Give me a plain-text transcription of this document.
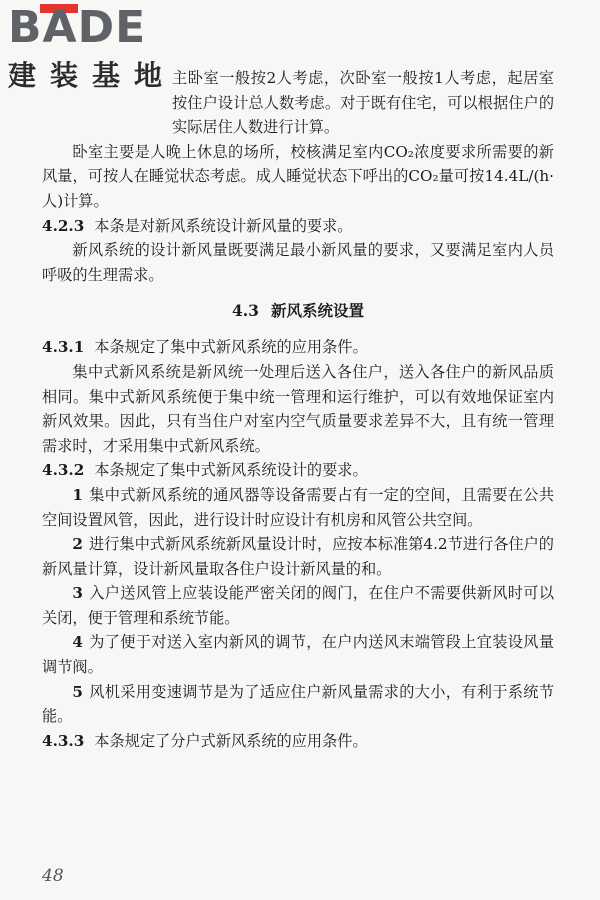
BADE
建装基地

主卧室一般按2人考虑，次卧室一般按1人考虑，起居室按住户设计总人数考虑。对于既有住宅，可以根据住户的实际居住人数进行计算。

卧室主要是人晚上休息的场所，校核满足室内CO₂浓度要求所需要的新风量，可按人在睡觉状态考虑。成人睡觉状态下呼出的CO₂量可按14.4L/(h·人)计算。

4.2.3 本条是对新风系统设计新风量的要求。

新风系统的设计新风量既要满足最小新风量的要求，又要满足室内人员呼吸的生理需求。

4.3 新风系统设置

4.3.1 本条规定了集中式新风系统的应用条件。

集中式新风系统是新风统一处理后送入各住户，送入各住户的新风品质相同。集中式新风系统便于集中统一管理和运行维护，可以有效地保证室内新风效果。因此，只有当住户对室内空气质量要求差异不大，且有统一管理需求时，才采用集中式新风系统。

4.3.2 本条规定了集中式新风系统设计的要求。

1 集中式新风系统的通风器等设备需要占有一定的空间，且需要在公共空间设置风管，因此，进行设计时应设计有机房和风管公共空间。

2 进行集中式新风系统新风量设计时，应按本标准第4.2节进行各住户的新风量计算，设计新风量取各住户设计新风量的和。

3 入户送风管上应装设能严密关闭的阀门，在住户不需要供新风时可以关闭，便于管理和系统节能。

4 为了便于对送入室内新风的调节，在户内送风末端管段上宜装设风量调节阀。

5 风机采用变速调节是为了适应住户新风量需求的大小，有利于系统节能。

4.3.3 本条规定了分户式新风系统的应用条件。

48
